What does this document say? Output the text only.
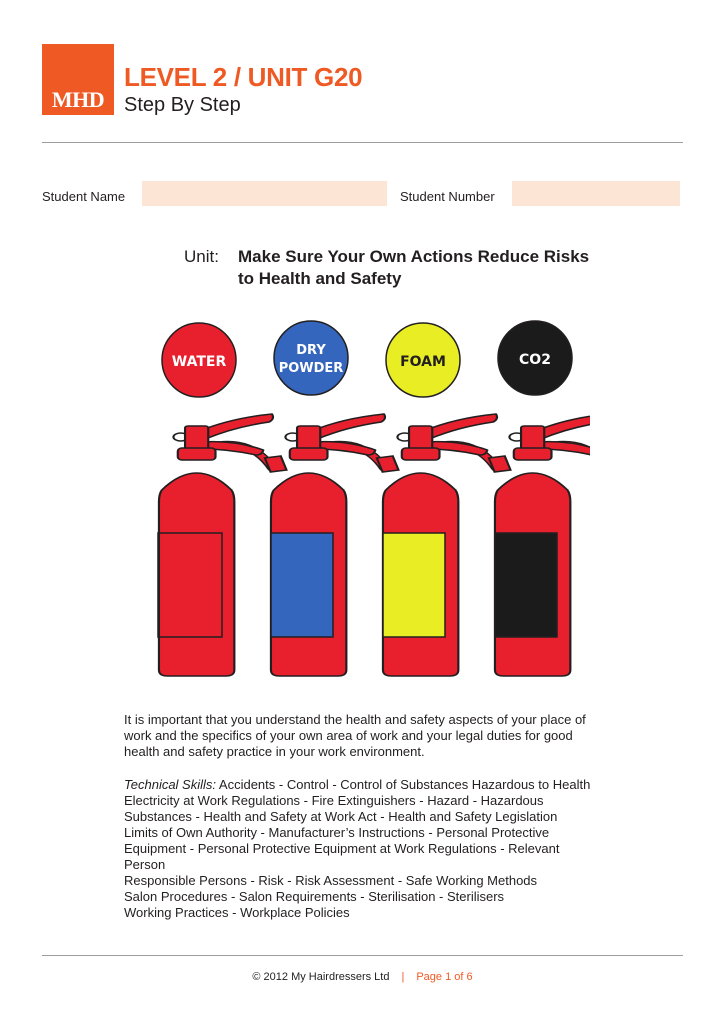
MHD
LEVEL 2 / UNIT G20
Step By Step
Student Name	Student Number
Unit: Make Sure Your Own Actions Reduce Risks to Health and Safety
WATER
DRY
POWDER	FOAM	CO2

It is important that you understand the health and safety aspects of your place of work and the specifics of your own area of work and your legal duties for good health and safety practice in your work environment.

Technical Skills: Accidents - Control - Control of Substances Hazardous to Health
Electricity at Work Regulations - Fire Extinguishers - Hazard - Hazardous
Substances - Health and Safety at Work Act - Health and Safety Legislation
Limits of Own Authority - Manufacturer’s Instructions - Personal Protective
Equipment - Personal Protective Equipment at Work Regulations - Relevant Person
Responsible Persons - Risk - Risk Assessment - Safe Working Methods
Salon Procedures - Salon Requirements - Sterilisation - Sterilisers
Working Practices - Workplace Policies

© 2012 My Hairdressers Ltd | Page 1 of 6
